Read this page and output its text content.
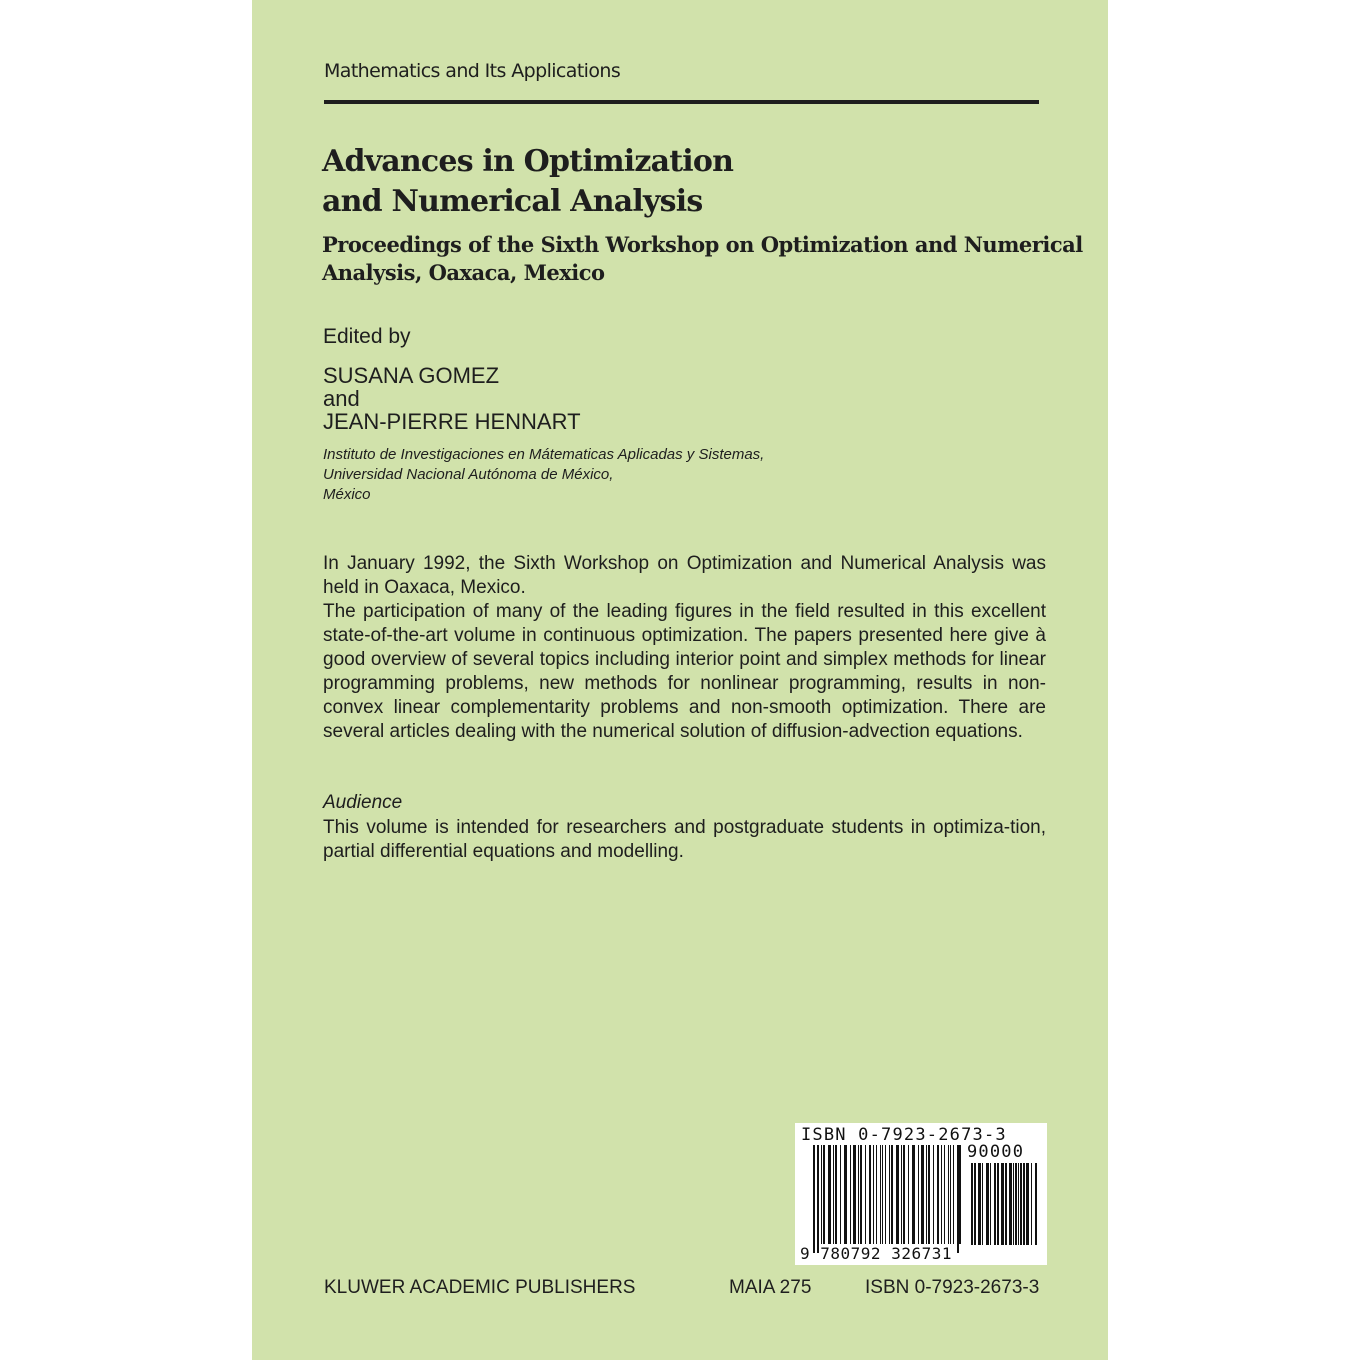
Mathematics and Its Applications
Advances in Optimization
and Numerical Analysis
Proceedings of the Sixth Workshop on Optimization and Numerical
Analysis, Oaxaca, Mexico
Edited by
SUSANA GOMEZ
and
JEAN-PIERRE HENNART
Instituto de Investigaciones en Mátematicas Aplicadas y Sistemas,
Universidad Nacional Autónoma de México,
México

In January 1992, the Sixth Workshop on Optimization and Numerical Analysis was held in Oaxaca, Mexico.

The participation of many of the leading figures in the field resulted in this excellent state-of-the-art volume in continuous optimization. The papers presented here give à good overview of several topics including interior point and simplex methods for linear programming problems, new methods for nonlinear programming, results in non-convex linear complementarity problems and non-smooth optimization. There are several articles dealing with the numerical solution of diffusion-advection equations.

Audience
This volume is intended for researchers and postgraduate students in optimiza-tion, partial differential equations and modelling.
ISBN 0-7923-2673-3
90000
9 780792 326731
KLUWER ACADEMIC PUBLISHERS	MAIA 275	ISBN 0-7923-2673-3
